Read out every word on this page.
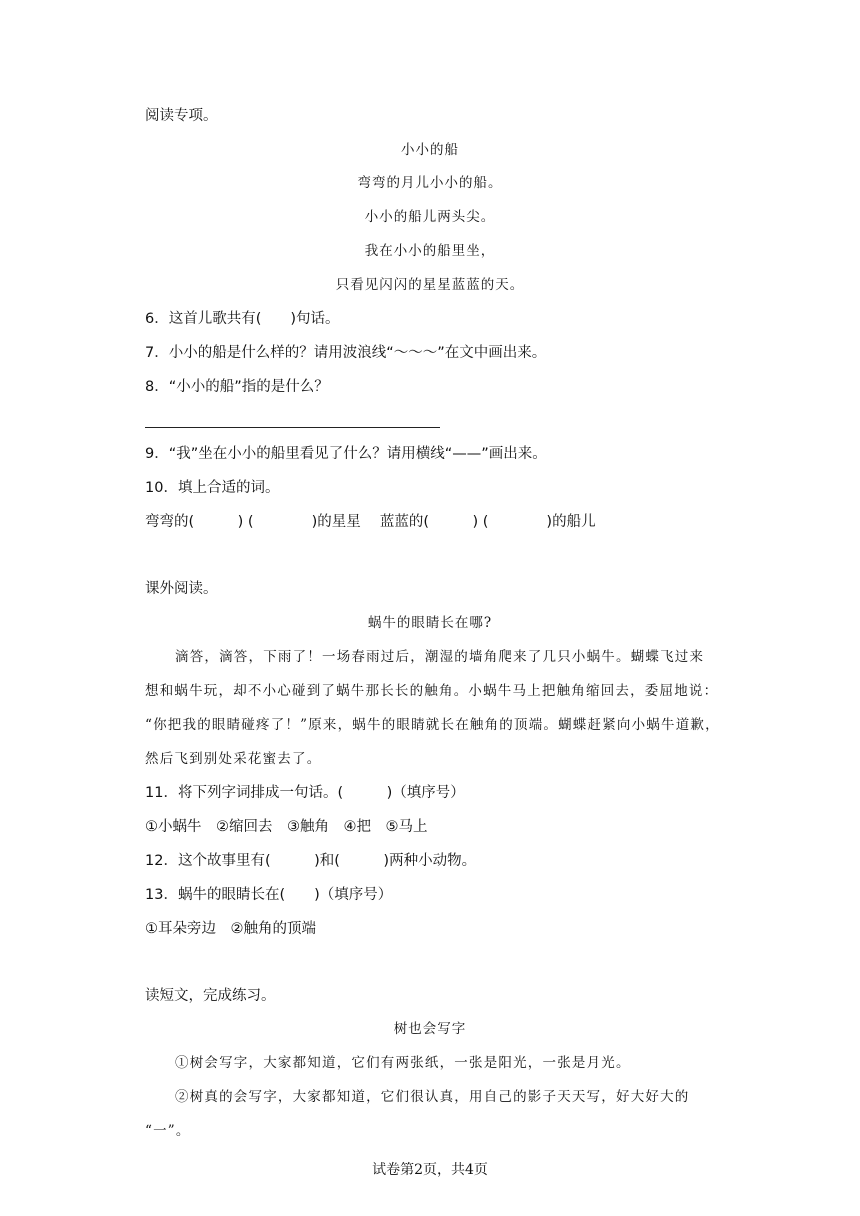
阅读专项。
小小的船
弯弯的月儿小小的船。
小小的船儿两头尖。
我在小小的船里坐，
只看见闪闪的星星蓝蓝的天。
6．这首儿歌共有(　　)句话。
7．小小的船是什么样的？请用波浪线“～～～”在文中画出来。
8．“小小的船”指的是什么？
9．“我”坐在小小的船里看见了什么？请用横线“——”画出来。
10．填上合适的词。
弯弯的(　　　) (　　　　)的星星　 蓝蓝的(　　　) (　　　　)的船儿
课外阅读。
蜗牛的眼睛长在哪?
滴答，滴答，下雨了！一场春雨过后，潮湿的墙角爬来了几只小蜗牛。蝴蝶飞过来
想和蜗牛玩，却不小心碰到了蜗牛那长长的触角。小蜗牛马上把触角缩回去，委屈地说：
“你把我的眼睛碰疼了！”原来，蜗牛的眼睛就长在触角的顶端。蝴蝶赶紧向小蜗牛道歉，
然后飞到别处采花蜜去了。
11．将下列字词排成一句话。(　　　)（填序号）
①小蜗牛　②缩回去　③触角　④把　⑤马上
12．这个故事里有(　　　)和(　　　)两种小动物。
13．蜗牛的眼睛长在(　　)（填序号）
①耳朵旁边　②触角的顶端
读短文，完成练习。
树也会写字
①树会写字，大家都知道，它们有两张纸，一张是阳光，一张是月光。
②树真的会写字，大家都知道，它们很认真，用自己的影子天天写，好大好大的
“一”。
试卷第2页，共4页
